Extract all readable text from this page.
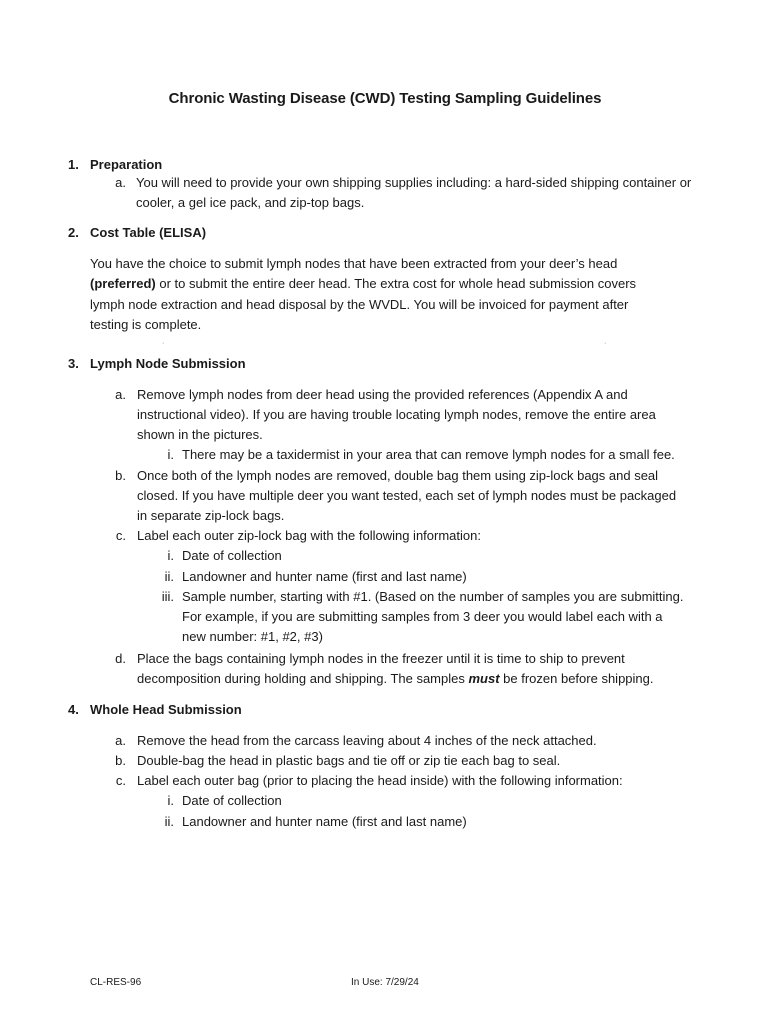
Chronic Wasting Disease (CWD) Testing Sampling Guidelines
1. Preparation
a. You will need to provide your own shipping supplies including: a hard-sided shipping container or
cooler, a gel ice pack, and zip-top bags.
2. Cost Table (ELISA)
You have the choice to submit lymph nodes that have been extracted from your deer’s head
(preferred) or to submit the entire deer head. The extra cost for whole head submission covers
lymph node extraction and head disposal by the WVDL. You will be invoiced for payment after
testing is complete.
·	·
3. Lymph Node Submission
a. Remove lymph nodes from deer head using the provided references (Appendix A and
instructional video). If you are having trouble locating lymph nodes, remove the entire area
shown in the pictures.
i. There may be a taxidermist in your area that can remove lymph nodes for a small fee.
b. Once both of the lymph nodes are removed, double bag them using zip-lock bags and seal
closed. If you have multiple deer you want tested, each set of lymph nodes must be packaged
in separate zip-lock bags.
c. Label each outer zip-lock bag with the following information:
i. Date of collection
ii. Landowner and hunter name (first and last name)
iii. Sample number, starting with #1. (Based on the number of samples you are submitting.
For example, if you are submitting samples from 3 deer you would label each with a
new number: #1, #2, #3)
d. Place the bags containing lymph nodes in the freezer until it is time to ship to prevent
decomposition during holding and shipping. The samples must be frozen before shipping.
4. Whole Head Submission
a. Remove the head from the carcass leaving about 4 inches of the neck attached.
b. Double-bag the head in plastic bags and tie off or zip tie each bag to seal.
c. Label each outer bag (prior to placing the head inside) with the following information:
i. Date of collection
ii. Landowner and hunter name (first and last name)
CL-RES-96	In Use: 7/29/24
